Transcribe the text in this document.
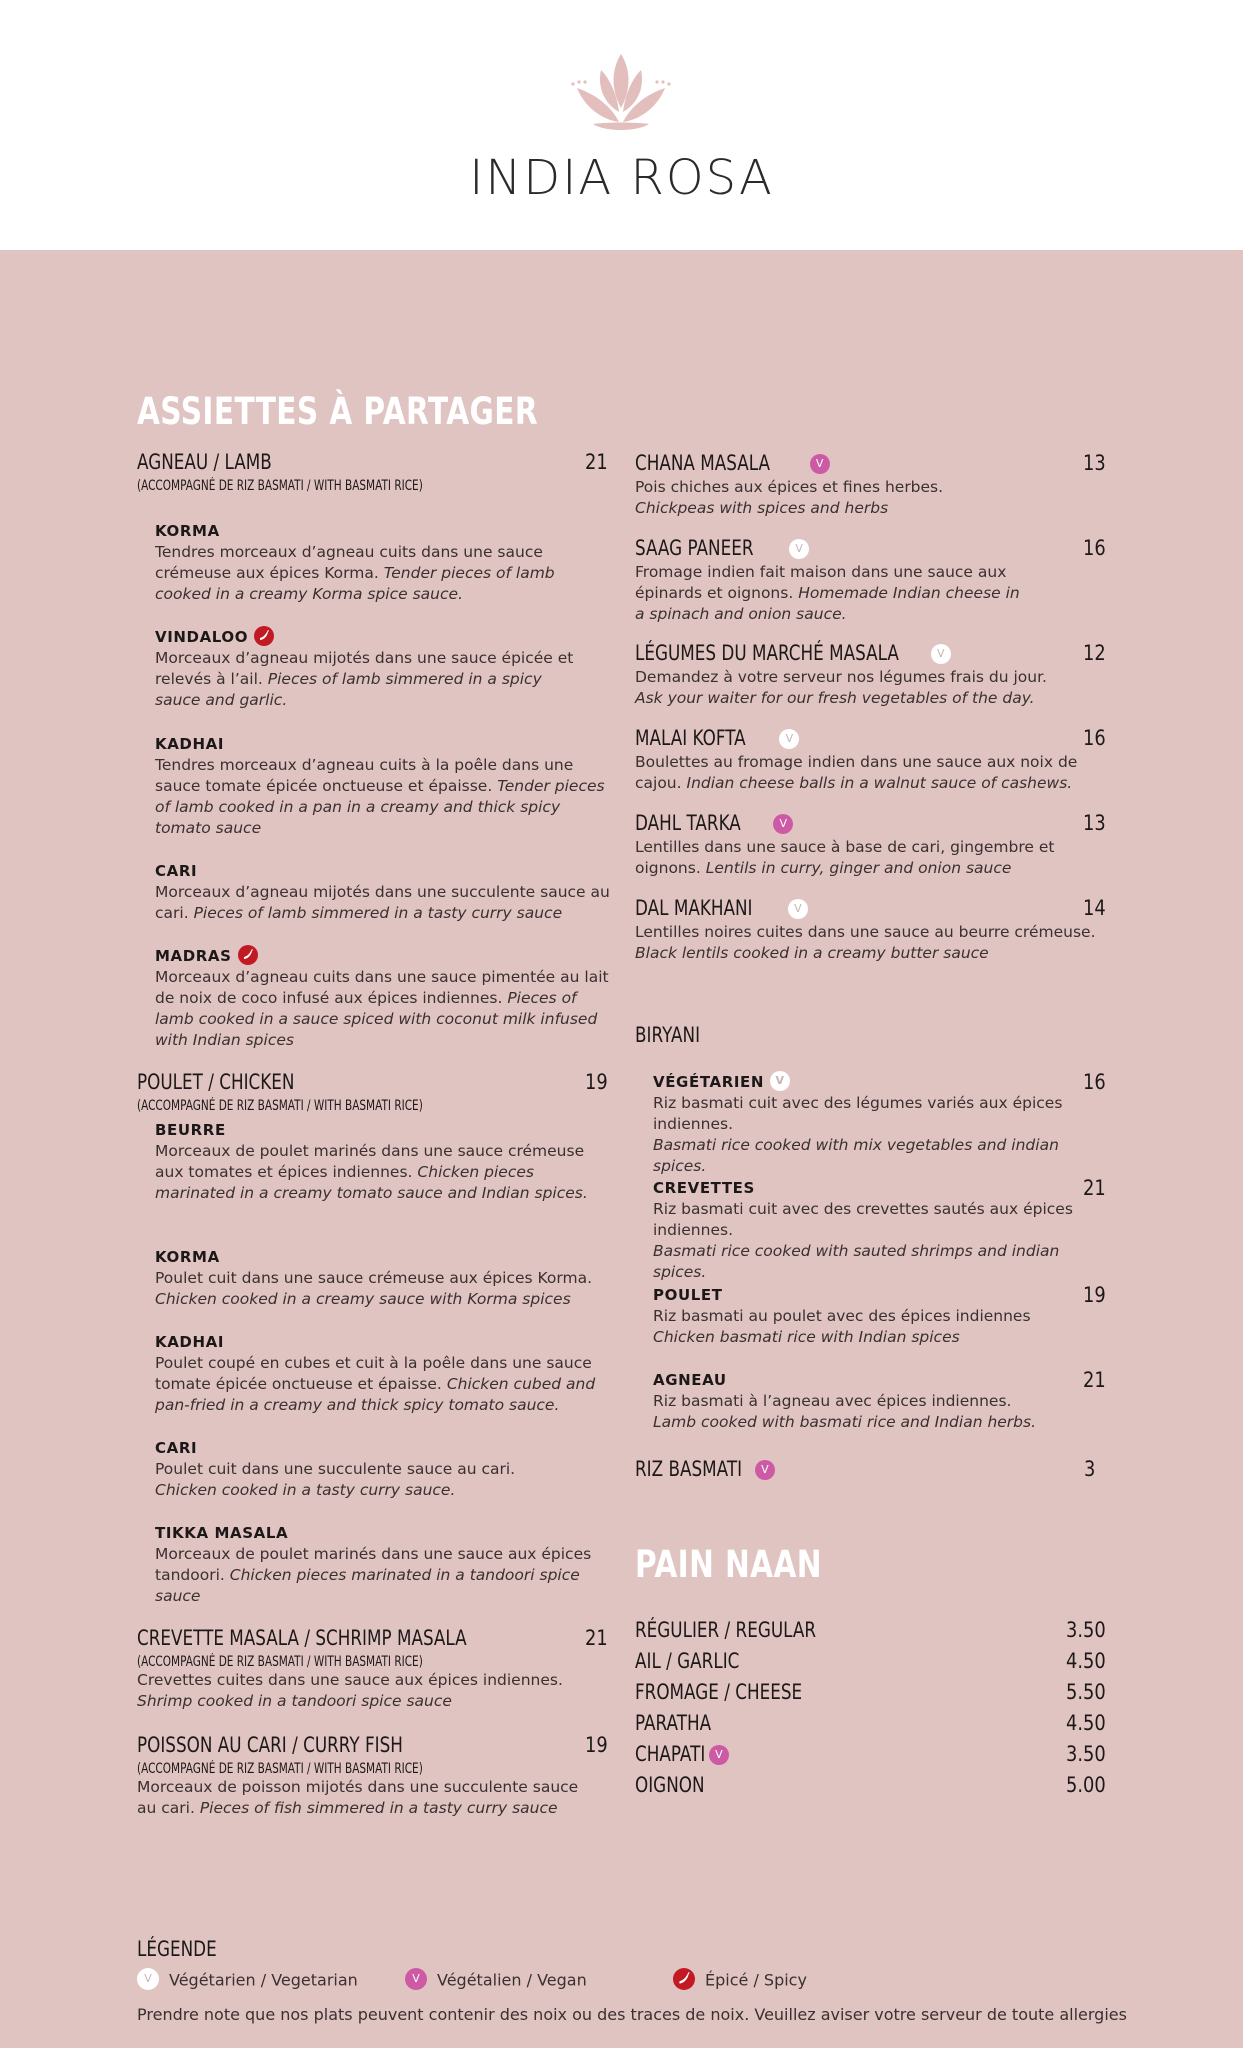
INDIA ROSA
ASSIETTES À PARTAGER
AGNEAU / LAMB	21
(ACCOMPAGNÉ DE RIZ BASMATI / WITH BASMATI RICE)
KORMA
Tendres morceaux d’agneau cuits dans une sauce crémeuse aux épices Korma. Tender pieces of lamb cooked in a creamy Korma spice sauce.
VINDALOO
Morceaux d’agneau mijotés dans une sauce épicée et relevés à l’ail. Pieces of lamb simmered in a spicy sauce and garlic.
KADHAI
Tendres morceaux d’agneau cuits à la poêle dans une sauce tomate épicée onctueuse et épaisse. Tender pieces of lamb cooked in a pan in a creamy and thick spicy tomato sauce
CARI
Morceaux d’agneau mijotés dans une succulente sauce au cari. Pieces of lamb simmered in a tasty curry sauce
MADRAS
Morceaux d’agneau cuits dans une sauce pimentée au lait de noix de coco infusé aux épices indiennes. Pieces of lamb cooked in a sauce spiced with coconut milk infused with Indian spices
POULET / CHICKEN	19
(ACCOMPAGNÉ DE RIZ BASMATI / WITH BASMATI RICE)
BEURRE
Morceaux de poulet marinés dans une sauce crémeuse aux tomates et épices indiennes. Chicken pieces marinated in a creamy tomato sauce and Indian spices.
KORMA
Poulet cuit dans une sauce crémeuse aux épices Korma. Chicken cooked in a creamy sauce with Korma spices
KADHAI
Poulet coupé en cubes et cuit à la poêle dans une sauce tomate épicée onctueuse et épaisse. Chicken cubed and pan-fried in a creamy and thick spicy tomato sauce.
CARI
Poulet cuit dans une succulente sauce au cari. Chicken cooked in a tasty curry sauce.
TIKKA MASALA
Morceaux de poulet marinés dans une sauce aux épices tandoori. Chicken pieces marinated in a tandoori spice sauce
CREVETTE MASALA / SCHRIMP MASALA	21
(ACCOMPAGNÉ DE RIZ BASMATI / WITH BASMATI RICE)
Crevettes cuites dans une sauce aux épices indiennes.
Shrimp cooked in a tandoori spice sauce
POISSON AU CARI / CURRY FISH	19
(ACCOMPAGNÉ DE RIZ BASMATI / WITH BASMATI RICE)
Morceaux de poisson mijotés dans une succulente sauce au cari. Pieces of fish simmered in a tasty curry sauce
CHANA MASALA	V	13
Pois chiches aux épices et fines herbes.
Chickpeas with spices and herbs
SAAG PANEER	V	16
Fromage indien fait maison dans une sauce aux épinards et oignons. Homemade Indian cheese in a spinach and onion sauce.
LÉGUMES DU MARCHÉ MASALA	V	12
Demandez à votre serveur nos légumes frais du jour.
Ask your waiter for our fresh vegetables of the day.
MALAI KOFTA	V	16
Boulettes au fromage indien dans une sauce aux noix de cajou. Indian cheese balls in a walnut sauce of cashews.
DAHL TARKA	V	13
Lentilles dans une sauce à base de cari, gingembre et oignons. Lentils in curry, ginger and onion sauce
DAL MAKHANI	V	14
Lentilles noires cuites dans une sauce au beurre crémeuse.
Black lentils cooked in a creamy butter sauce
BIRYANI
VÉGÉTARIEN V	16
Riz basmati cuit avec des légumes variés aux épices indiennes.
Basmati rice cooked with mix vegetables and indian spices.
CREVETTES	21
Riz basmati cuit avec des crevettes sautés aux épices indiennes.
Basmati rice cooked with sauted shrimps and indian spices.
POULET	19
Riz basmati au poulet avec des épices indiennes
Chicken basmati rice with Indian spices
AGNEAU	21
Riz basmati à l’agneau avec épices indiennes.
Lamb cooked with basmati rice and Indian herbs.
RIZ BASMATI V	3
PAIN NAAN
RÉGULIER / REGULAR	3.50
AIL / GARLIC	4.50
FROMAGE / CHEESE	5.50
PARATHA	4.50
CHAPATI V	3.50
OIGNON	5.00
LÉGENDE
V Végétarien / Vegetarian	V Végétalien / Vegan	Épicé / Spicy
Prendre note que nos plats peuvent contenir des noix ou des traces de noix. Veuillez aviser votre serveur de toute allergies
